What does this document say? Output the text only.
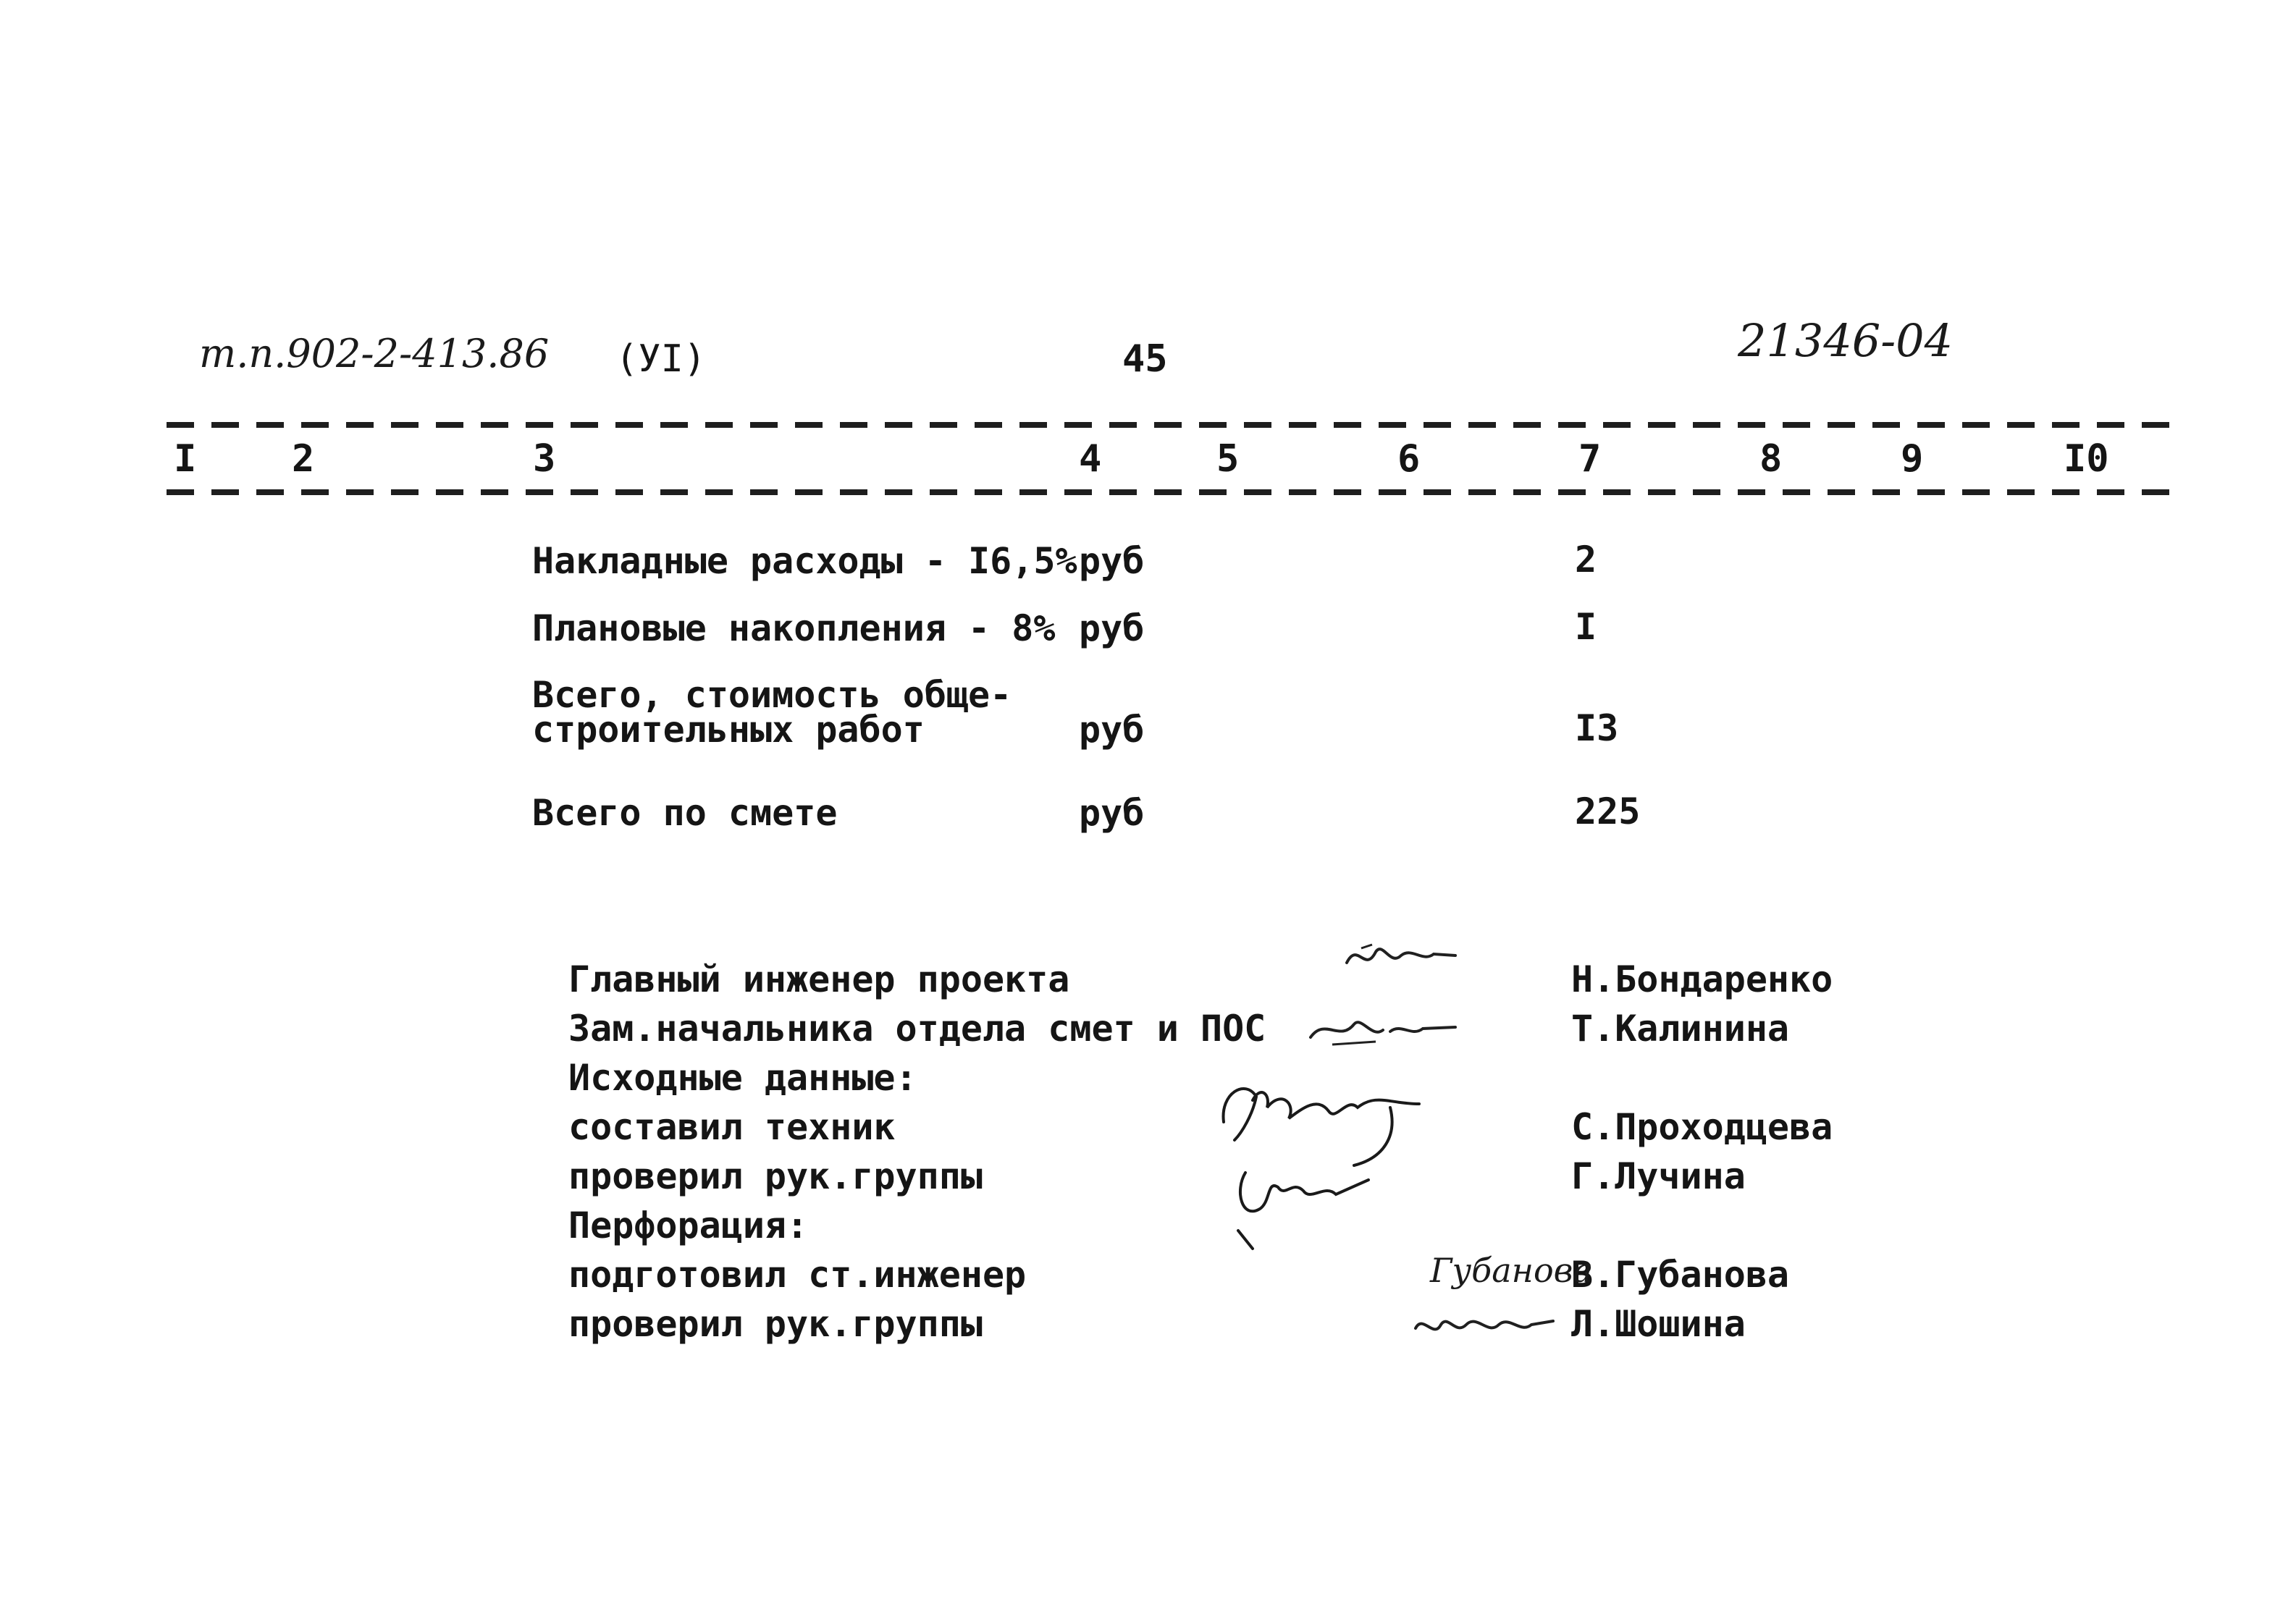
т.п.902-2-413.86 (УI)	45	21346-04
I	2	3	4	5	6	7	8	9	I0
Накладные расходы - I6,5% руб	2
Плановые накопления - 8% руб	I
Всего, стоимость обще-
строительных работ	руб	I3
Всего по смете	руб	225
Главный инженер проекта	Н.Бондаренко
Зам.начальника отдела смет и ПОС	Т.Калинина
Исходные данные:
составил техник	С.Проходцева
проверил рук.группы	Г.Лучина
Перфорация:
подготовил ст.инженер	В.Губанова
проверил рук.группы	Л.Шошина
Губанова
